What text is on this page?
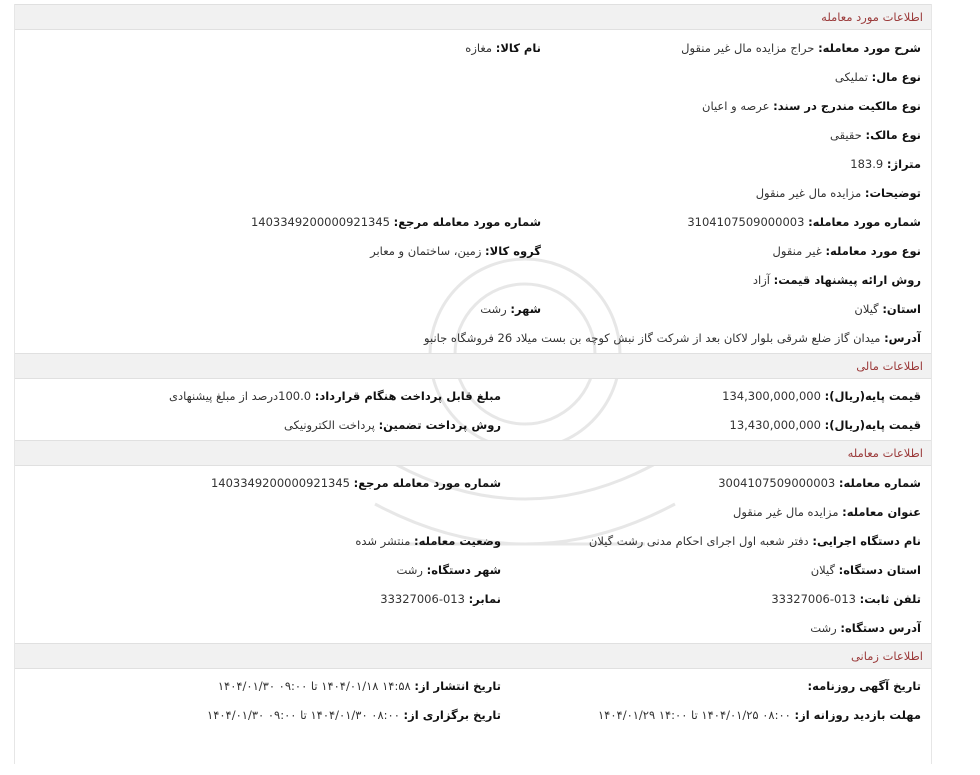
اطلاعات مورد معامله
شرح مورد معامله: حراج مزایده مال غیر منقول
نام کالا: مغازه
نوع مال: تملیکی
نوع مالکیت مندرج در سند: عرصه و اعیان
نوع مالک: حقیقی
متراژ: 183.9
توضیحات: مزایده مال غیر منقول
شماره مورد معامله: 3104107509000003
شماره مورد معامله مرجع: 1403349200000921345
نوع مورد معامله: غیر منقول
گروه کالا: زمین، ساختمان و معابر
روش ارائه پیشنهاد قیمت: آزاد
استان: گیلان
شهر: رشت
آدرس: میدان گاز ضلع شرقی بلوار لاکان بعد از شرکت گاز نبش کوچه بن بست میلاد 26 فروشگاه جانبو
اطلاعات مالی
قیمت پایه(ریال): 134,300,000,000
مبلغ قابل پرداخت هنگام قرارداد: 100.0درصد از مبلغ پیشنهادی
قیمت پایه(ریال): 13,430,000,000
روش پرداخت تضمین: پرداخت الکترونیکی
اطلاعات معامله
شماره معامله: 3004107509000003
شماره مورد معامله مرجع: 1403349200000921345
عنوان معامله: مزایده مال غیر منقول
نام دستگاه اجرایی: دفتر شعبه اول اجرای احکام مدنی رشت گیلان
وضعیت معامله: منتشر شده
استان دستگاه: گیلان
شهر دستگاه: رشت
تلفن ثابت: 33327006-013
نمابر: 33327006-013
آدرس دستگاه: رشت
اطلاعات زمانی
تاریخ آگهی روزنامه:
تاریخ انتشار از: ۱۴:۵۸ ۱۴۰۴/۰۱/۱۸ تا ۰۹:۰۰ ۱۴۰۴/۰۱/۳۰
مهلت بازدید روزانه از: ۰۸:۰۰ ۱۴۰۴/۰۱/۲۵ تا ۱۴:۰۰ ۱۴۰۴/۰۱/۲۹
تاریخ برگزاری از: ۰۸:۰۰ ۱۴۰۴/۰۱/۳۰ تا ۰۹:۰۰ ۱۴۰۴/۰۱/۳۰
